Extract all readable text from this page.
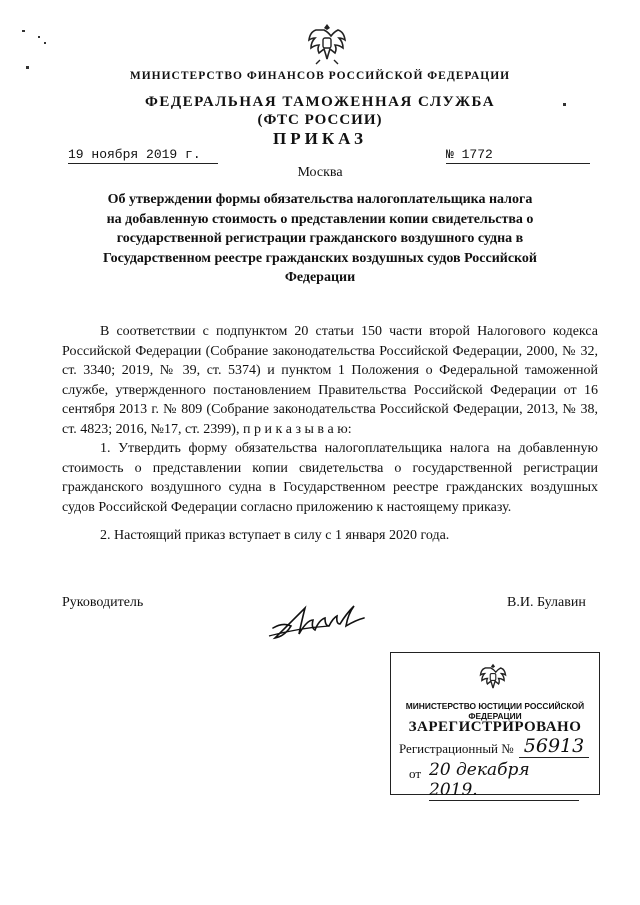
МИНИСТЕРСТВО ФИНАНСОВ РОССИЙСКОЙ ФЕДЕРАЦИИ
ФЕДЕРАЛЬНАЯ ТАМОЖЕННАЯ СЛУЖБА
(ФТС РОССИИ)
ПРИКАЗ
19 ноября 2019 г.	№ 1772
Москва
Об утверждении формы обязательства налогоплательщика налога на добавленную стоимость о представлении копии свидетельства о государственной регистрации гражданского воздушного судна в Государственном реестре гражданских воздушных судов Российской Федерации
В соответствии с подпунктом 20 статьи 150 части второй Налогового кодекса Российской Федерации (Собрание законодательства Российской Федерации, 2000, № 32, ст. 3340; 2019, № 39, ст. 5374) и пунктом 1 Положения о Федеральной таможенной службе, утвержденного постановлением Правительства Российской Федерации от 16 сентября 2013 г. № 809 (Собрание законодательства Российской Федерации, 2013, № 38, ст. 4823; 2016, №17, ст. 2399), п р и к а з ы в а ю:
1. Утвердить форму обязательства налогоплательщика налога на добавленную стоимость о представлении копии свидетельства о государственной регистрации гражданского воздушного судна в Государственном реестре гражданских воздушных судов Российской Федерации согласно приложению к настоящему приказу.
2. Настоящий приказ вступает в силу с 1 января 2020 года.
Руководитель	В.И. Булавин
МИНИСТЕРСТВО ЮСТИЦИИ РОССИЙСКОЙ ФЕДЕРАЦИИ
ЗАРЕГИСТРИРОВАНО
Регистрационный № 56913
от 20 декабря 2019.
